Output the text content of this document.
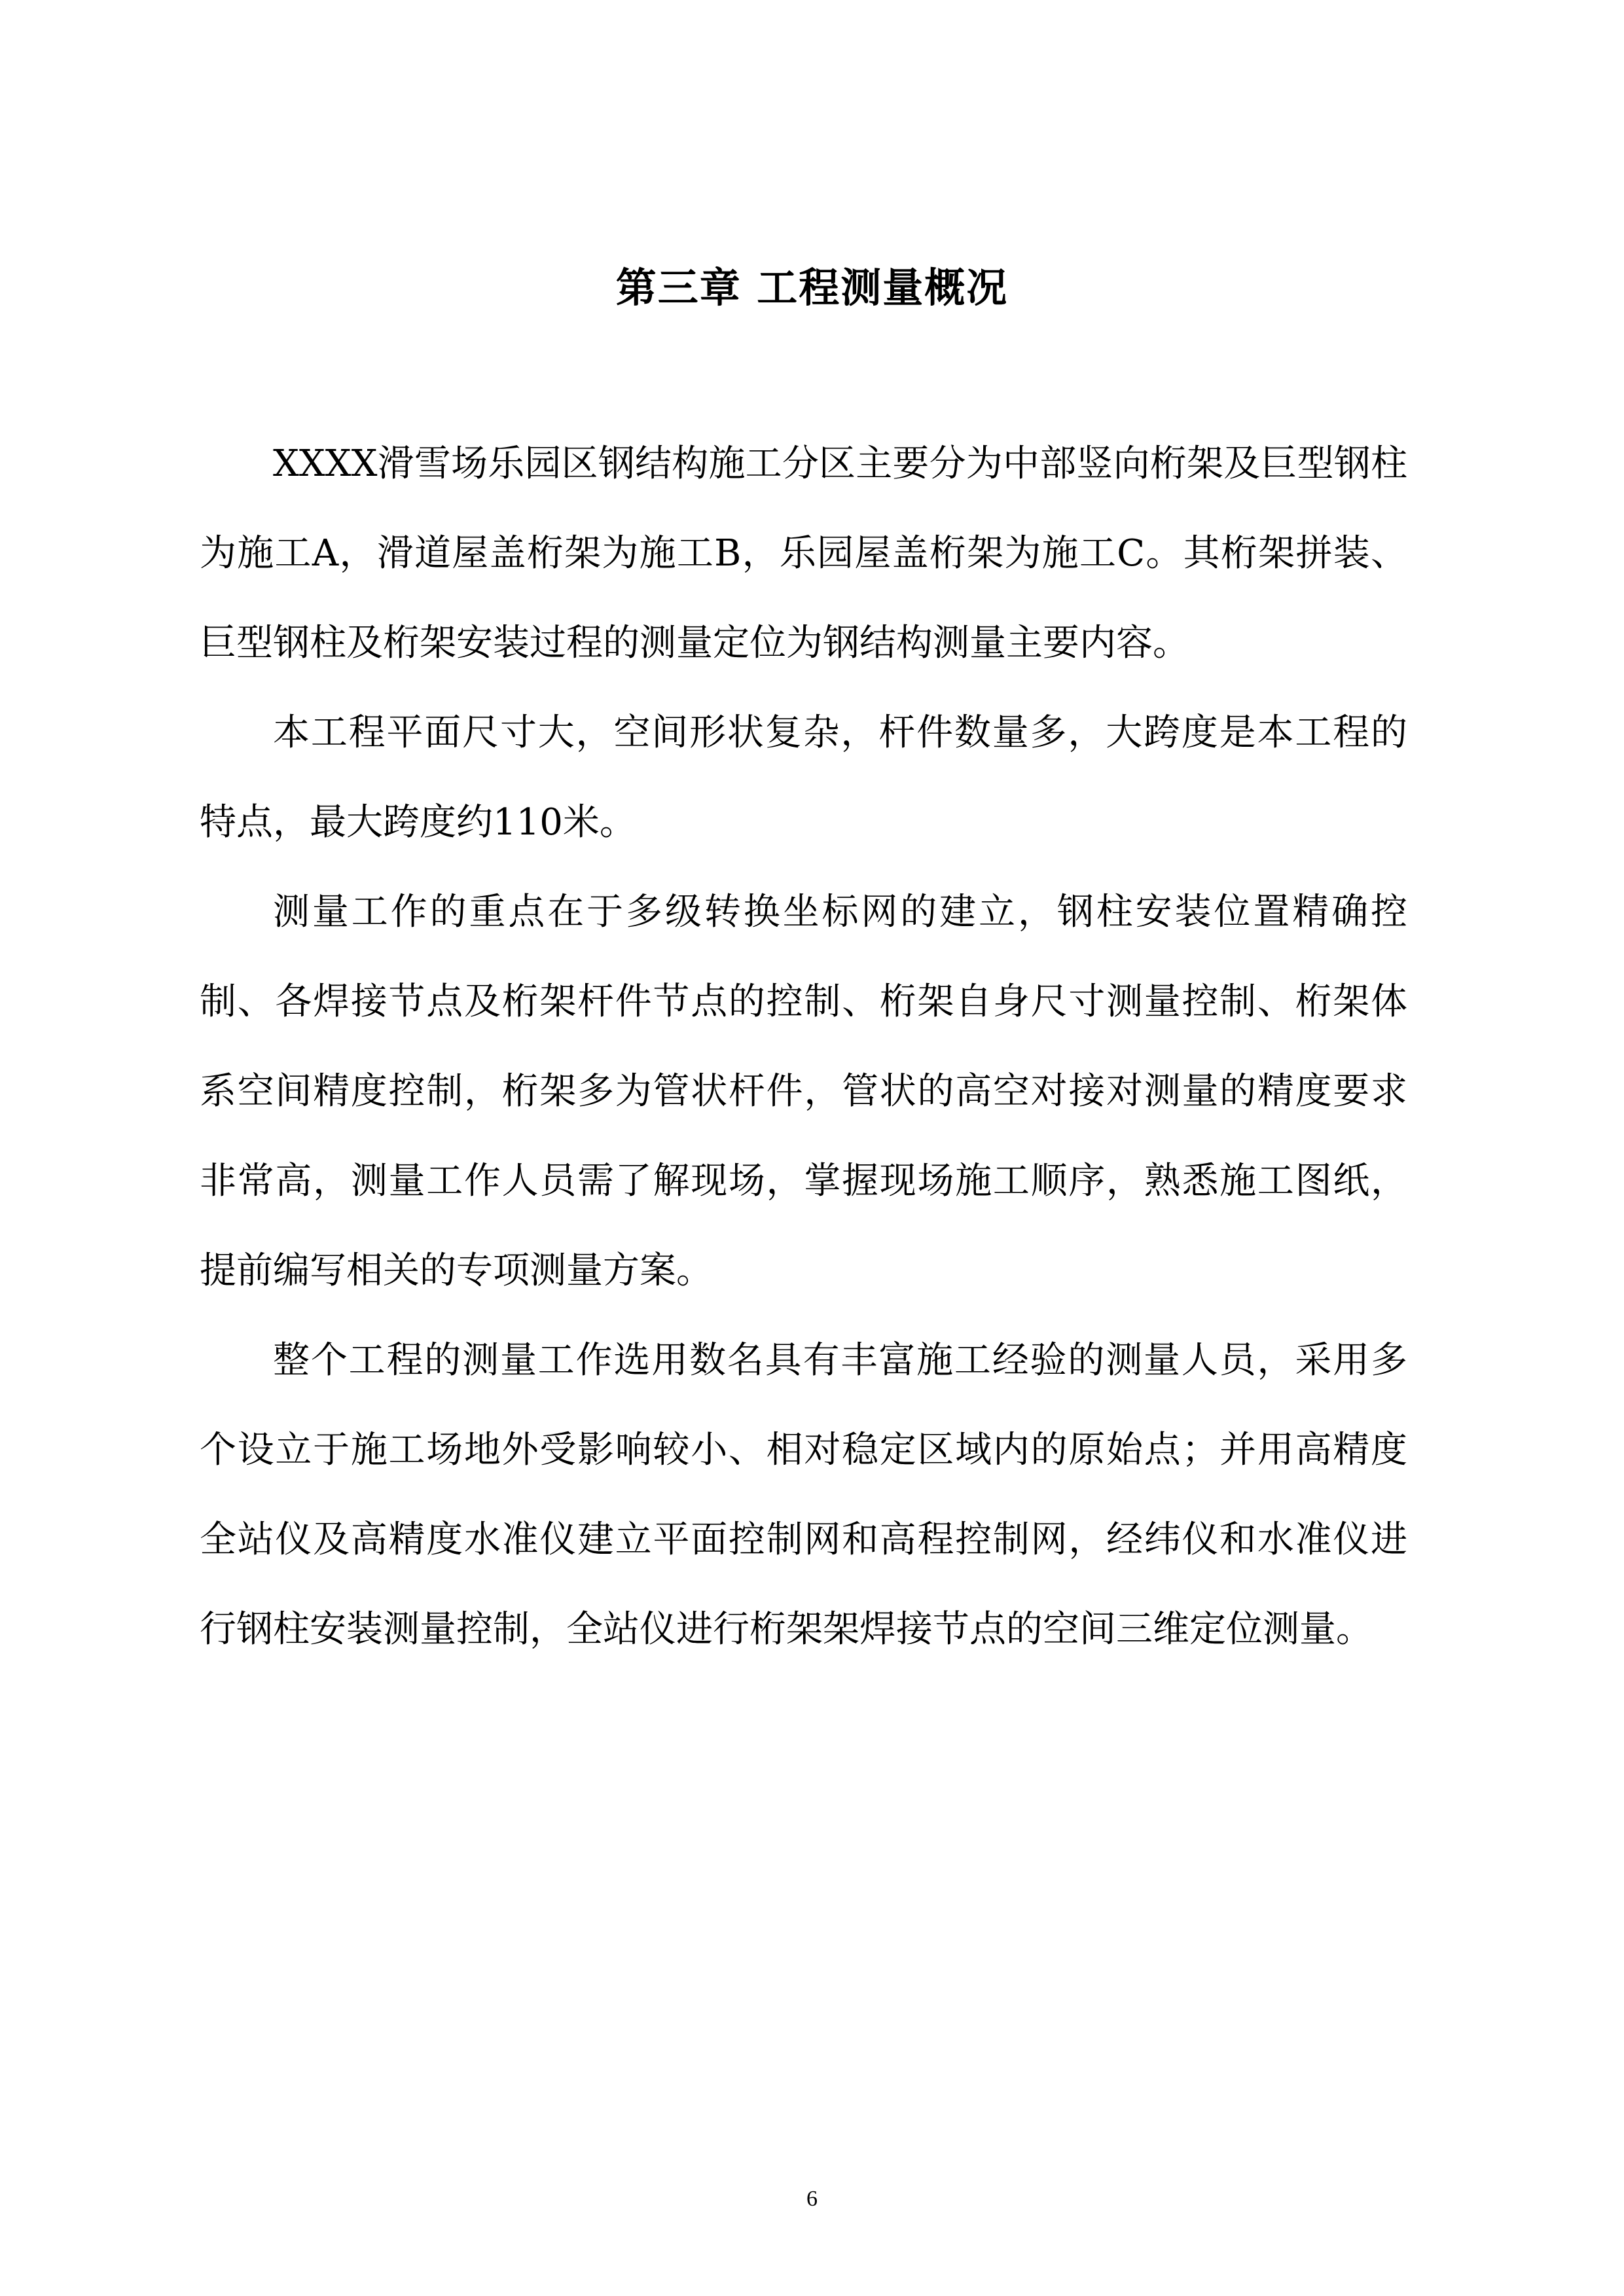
第三章 工程测量概况

XXXX滑雪场乐园区钢结构施工分区主要分为中部竖向桁架及巨型钢柱为施工A，滑道屋盖桁架为施工B，乐园屋盖桁架为施工C。其桁架拼装、巨型钢柱及桁架安装过程的测量定位为钢结构测量主要内容。

本工程平面尺寸大，空间形状复杂，杆件数量多，大跨度是本工程的特点，最大跨度约110米。

测量工作的重点在于多级转换坐标网的建立，钢柱安装位置精确控制、各焊接节点及桁架杆件节点的控制、桁架自身尺寸测量控制、桁架体系空间精度控制，桁架多为管状杆件，管状的高空对接对测量的精度要求非常高，测量工作人员需了解现场，掌握现场施工顺序，熟悉施工图纸，提前编写相关的专项测量方案。

整个工程的测量工作选用数名具有丰富施工经验的测量人员，采用多个设立于施工场地外受影响较小、相对稳定区域内的原始点；并用高精度全站仪及高精度水准仪建立平面控制网和高程控制网，经纬仪和水准仪进行钢柱安装测量控制，全站仪进行桁架架焊接节点的空间三维定位测量。

6
